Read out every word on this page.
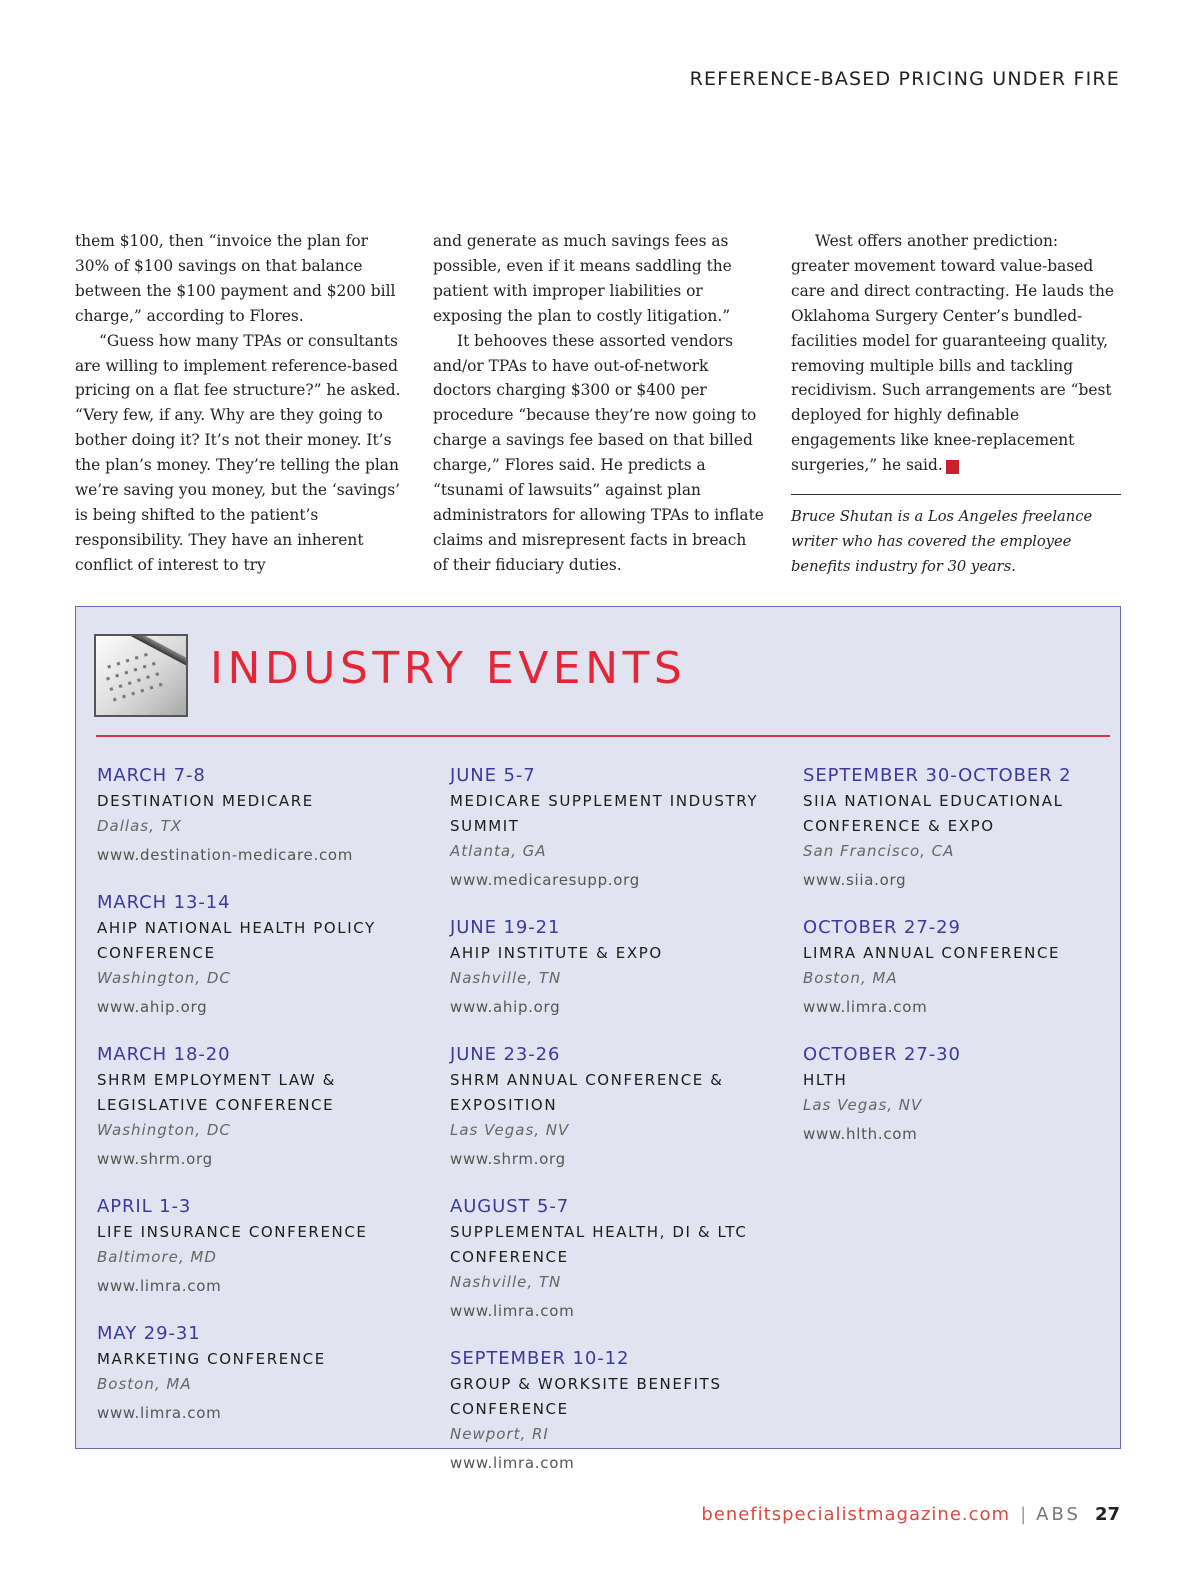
REFERENCE-BASED PRICING UNDER FIRE

them $100, then “invoice the plan for 30% of $100 savings on that balance between the $100 payment and $200 bill charge,” according to Flores.

“Guess how many TPAs or consultants are willing to implement reference-based pricing on a flat fee structure?” he asked. “Very few, if any. Why are they going to bother doing it? It’s not their money. It’s the plan’s money. They’re telling the plan we’re saving you money, but the ‘savings’ is being shifted to the patient’s responsibility. They have an inherent conflict of interest to try

and generate as much savings fees as possible, even if it means saddling the patient with improper liabilities or exposing the plan to costly litigation.”

It behooves these assorted vendors and/or TPAs to have out-of-network doctors charging $300 or $400 per procedure “because they’re now going to charge a savings fee based on that billed charge,” Flores said. He predicts a “tsunami of lawsuits” against plan administrators for allowing TPAs to inflate claims and misrepresent facts in breach of their fiduciary duties.

West offers another prediction: greater movement toward value-based care and direct contracting. He lauds the Oklahoma Surgery Center’s bundled-facilities model for guaranteeing quality, removing multiple bills and tackling recidivism. Such arrangements are “best deployed for highly definable engagements like knee-replacement surgeries,” he said.	■

Bruce Shutan is a Los Angeles freelance writer who has covered the employee benefits industry for 30 years.

▪ ▪ ▪ ▪ ▪
▪ ▪ ▪ ▪ ▪ ▪
▪ ▪ ▪ ▪ ▪ ▪
▪ ▪ ▪ ▪ ▪ ▪ INDUSTRY EVENTS
MARCH 7-8
DESTINATION MEDICARE
Dallas, TX
www.destination-medicare.com
MARCH 13-14
AHIP NATIONAL HEALTH POLICY CONFERENCE
Washington, DC
www.ahip.org
MARCH 18-20
SHRM EMPLOYMENT LAW & LEGISLATIVE CONFERENCE
Washington, DC
www.shrm.org
APRIL 1-3
LIFE INSURANCE CONFERENCE
Baltimore, MD
www.limra.com
MAY 29-31
MARKETING CONFERENCE
Boston, MA
www.limra.com
JUNE 5-7
MEDICARE SUPPLEMENT INDUSTRY SUMMIT
Atlanta, GA
www.medicaresupp.org
JUNE 19-21
AHIP INSTITUTE & EXPO
Nashville, TN
www.ahip.org
JUNE 23-26
SHRM ANNUAL CONFERENCE & EXPOSITION
Las Vegas, NV
www.shrm.org
AUGUST 5-7
SUPPLEMENTAL HEALTH, DI & LTC CONFERENCE
Nashville, TN
www.limra.com
SEPTEMBER 10-12
GROUP & WORKSITE BENEFITS CONFERENCE
Newport, RI
www.limra.com
SEPTEMBER 30-OCTOBER 2
SIIA NATIONAL EDUCATIONAL CONFERENCE & EXPO
San Francisco, CA
www.siia.org
OCTOBER 27-29
LIMRA ANNUAL CONFERENCE
Boston, MA
www.limra.com
OCTOBER 27-30
HLTH
Las Vegas, NV
www.hlth.com
benefitspecialistmagazine.com | ABS 27
